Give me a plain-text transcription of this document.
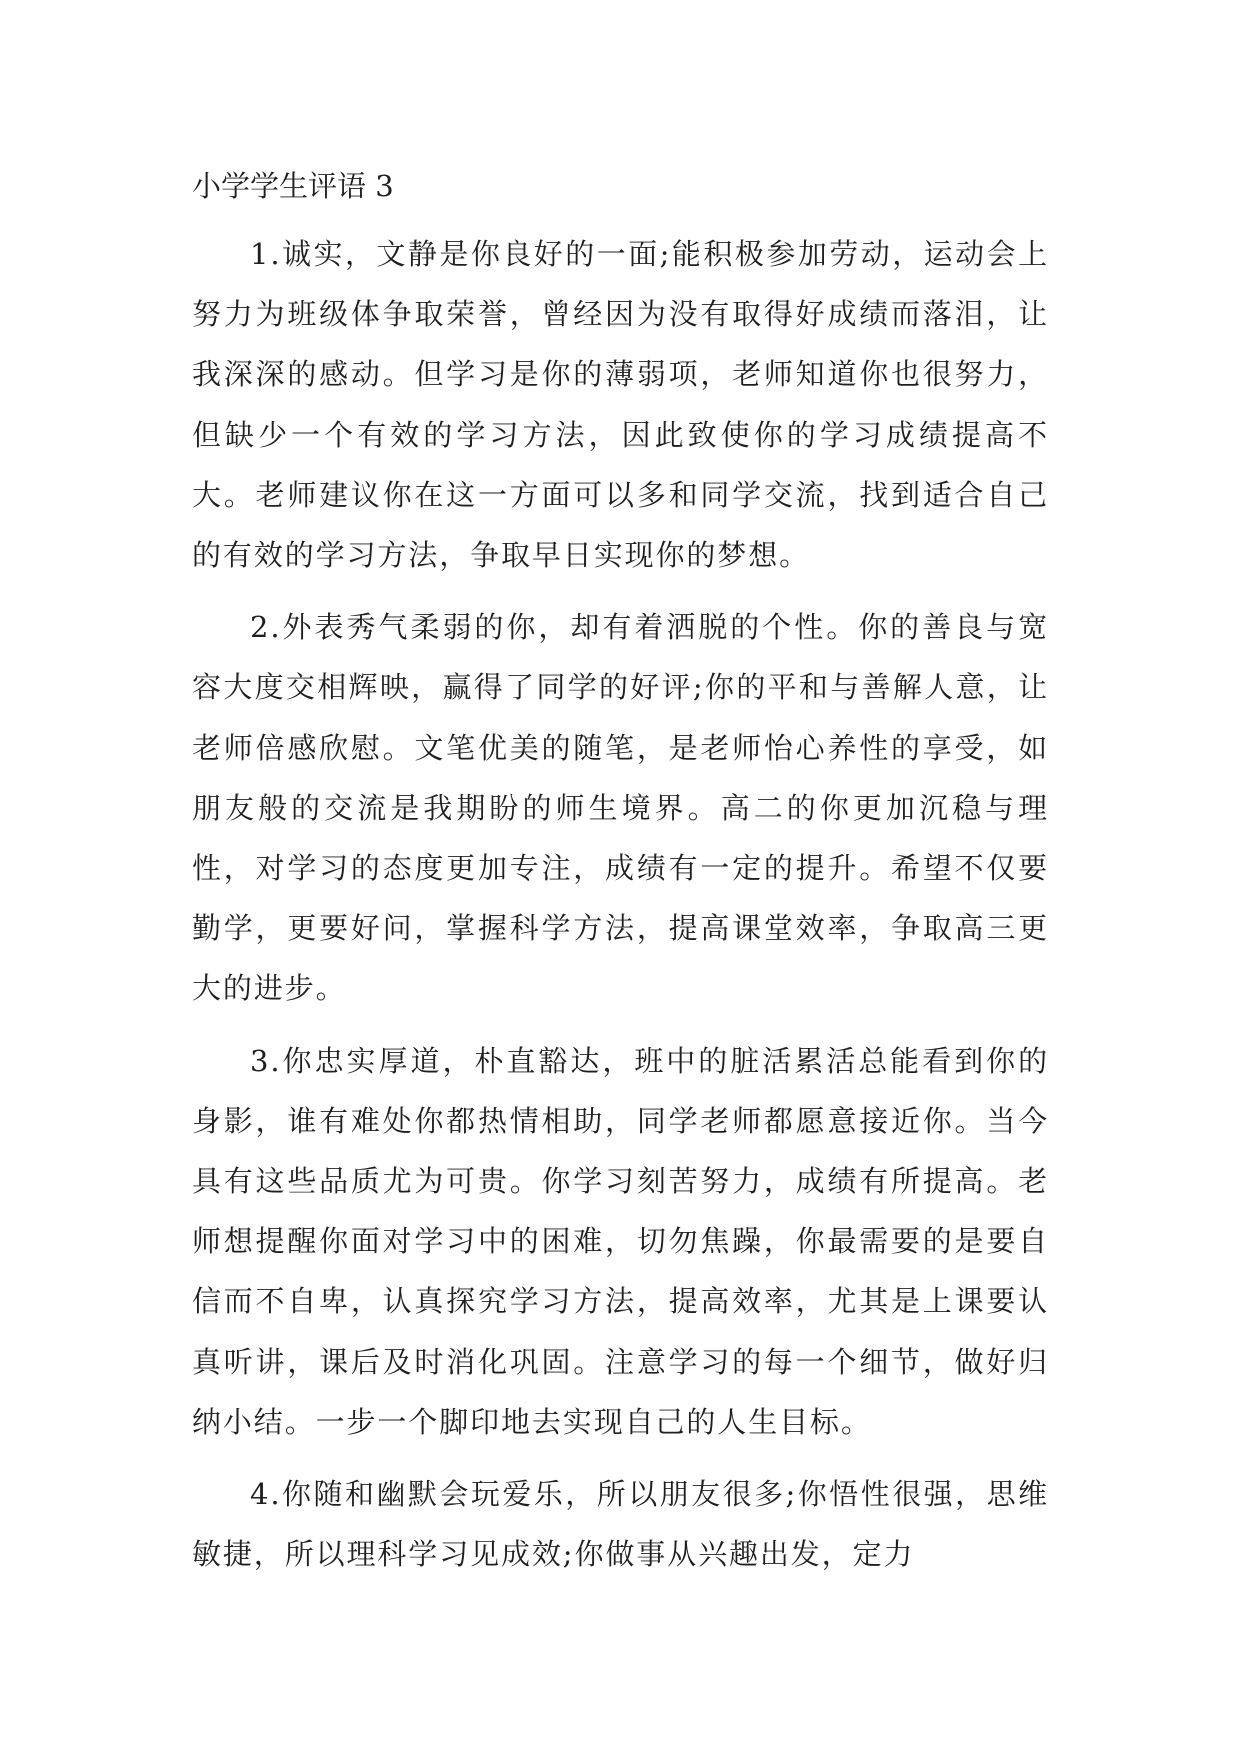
小学学生评语 3

1.诚实，文静是你良好的一面;能积极参加劳动，运动会上努力为班级体争取荣誉，曾经因为没有取得好成绩而落泪，让我深深的感动。但学习是你的薄弱项，老师知道你也很努力，但缺少一个有效的学习方法，因此致使你的学习成绩提高不大。老师建议你在这一方面可以多和同学交流，找到适合自己的有效的学习方法，争取早日实现你的梦想。

2.外表秀气柔弱的你，却有着洒脱的个性。你的善良与宽容大度交相辉映，赢得了同学的好评;你的平和与善解人意，让老师倍感欣慰。文笔优美的随笔，是老师怡心养性的享受，如朋友般的交流是我期盼的师生境界。高二的你更加沉稳与理性，对学习的态度更加专注，成绩有一定的提升。希望不仅要勤学，更要好问，掌握科学方法，提高课堂效率，争取高三更大的进步。

3.你忠实厚道，朴直豁达，班中的脏活累活总能看到你的身影，谁有难处你都热情相助，同学老师都愿意接近你。当今具有这些品质尤为可贵。你学习刻苦努力，成绩有所提高。老师想提醒你面对学习中的困难，切勿焦躁，你最需要的是要自信而不自卑，认真探究学习方法，提高效率，尤其是上课要认真听讲，课后及时消化巩固。注意学习的每一个细节，做好归纳小结。一步一个脚印地去实现自己的人生目标。

4.你随和幽默会玩爱乐，所以朋友很多;你悟性很强，思维敏捷，所以理科学习见成效;你做事从兴趣出发，定力
